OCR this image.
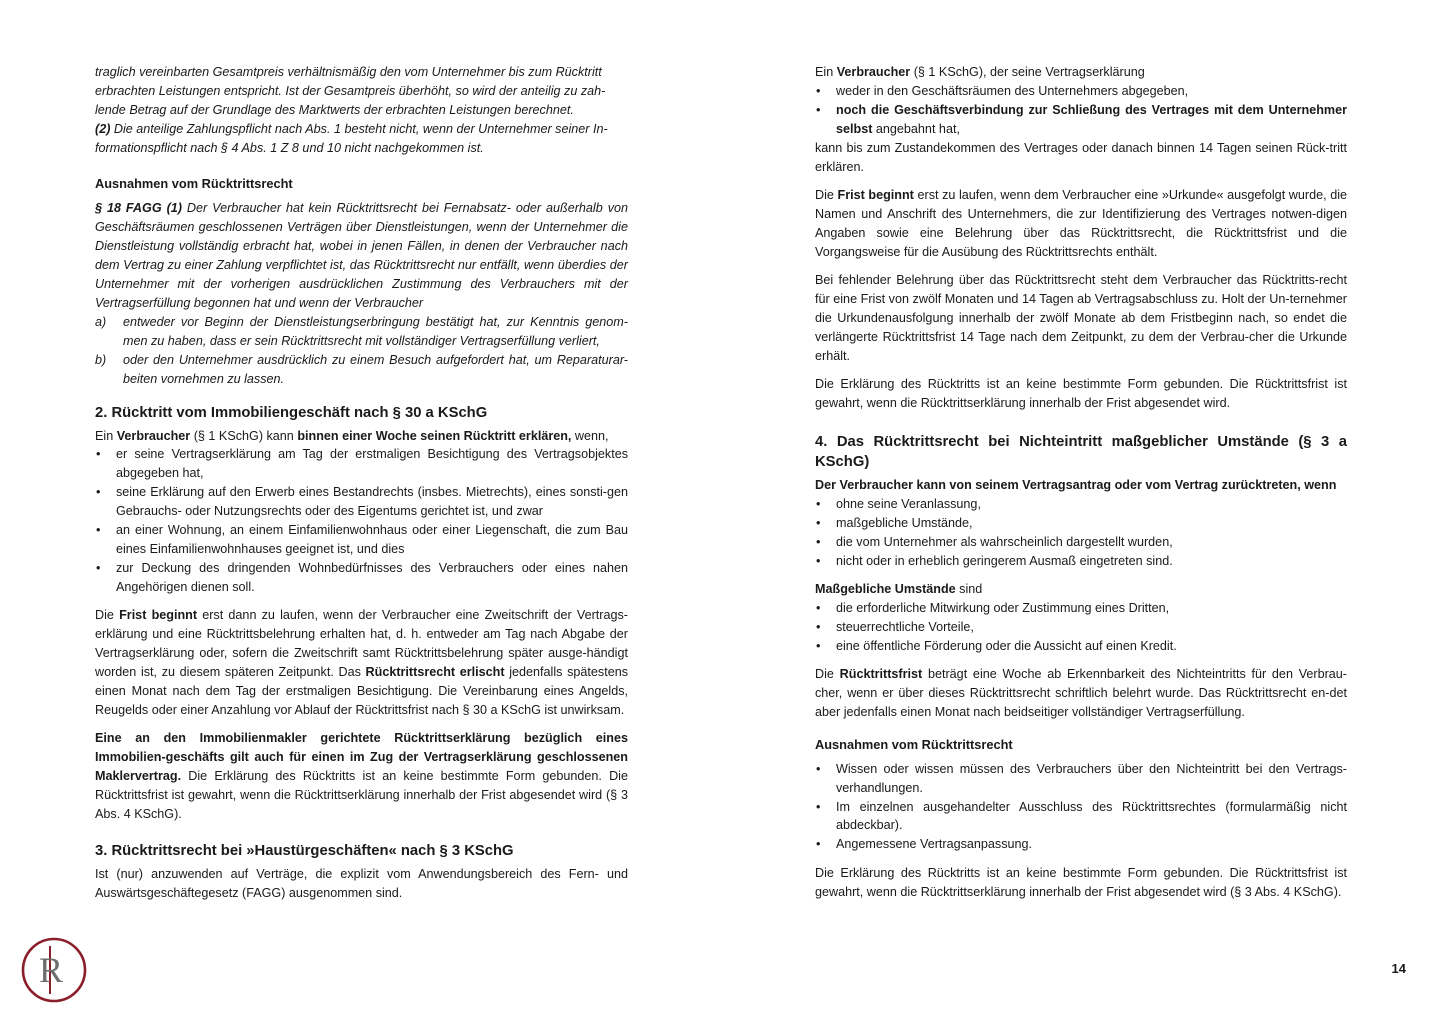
traglich vereinbarten Gesamtpreis verhältnismäßig den vom Unternehmer bis zum Rücktritt
erbrachten Leistungen entspricht. Ist der Gesamtpreis überhöht, so wird der anteilig zu zah-
lende Betrag auf der Grundlage des Marktwerts der erbrachten Leistungen berechnet.
(2) Die anteilige Zahlungspflicht nach Abs. 1 besteht nicht, wenn der Unternehmer seiner In-
formationspflicht nach § 4 Abs. 1 Z 8 und 10 nicht nachgekommen ist.

Ausnahmen vom Rücktrittsrecht

§ 18 FAGG (1) Der Verbraucher hat kein Rücktrittsrecht bei Fernabsatz- oder außerhalb von Geschäftsräumen geschlossenen Verträgen über Dienstleistungen, wenn der Unternehmer die Dienstleistung vollständig erbracht hat, wobei in jenen Fällen, in denen der Verbraucher nach dem Vertrag zu einer Zahlung verpflichtet ist, das Rücktrittsrecht nur entfällt, wenn überdies der Unternehmer mit der vorherigen ausdrücklichen Zustimmung des Verbrauchers mit der Vertragserfüllung begonnen hat und wenn der Verbraucher

a) entweder vor Beginn der Dienstleistungserbringung bestätigt hat, zur Kenntnis genom-men zu haben, dass er sein Rücktrittsrecht mit vollständiger Vertragserfüllung verliert,
b) oder den Unternehmer ausdrücklich zu einem Besuch aufgefordert hat, um Reparaturar-beiten vornehmen zu lassen.

2. Rücktritt vom Immobiliengeschäft nach § 30 a KSchG

Ein Verbraucher (§ 1 KSchG) kann binnen einer Woche seinen Rücktritt erklären, wenn,

• er seine Vertragserklärung am Tag der erstmaligen Besichtigung des Vertragsobjektes abgegeben hat,
• seine Erklärung auf den Erwerb eines Bestandrechts (insbes. Mietrechts), eines sonsti-gen Gebrauchs- oder Nutzungsrechts oder des Eigentums gerichtet ist, und zwar
• an einer Wohnung, an einem Einfamilienwohnhaus oder einer Liegenschaft, die zum Bau eines Einfamilienwohnhauses geeignet ist, und dies
• zur Deckung des dringenden Wohnbedürfnisses des Verbrauchers oder eines nahen Angehörigen dienen soll.

Die Frist beginnt erst dann zu laufen, wenn der Verbraucher eine Zweitschrift der Vertrags-erklärung und eine Rücktrittsbelehrung erhalten hat, d. h. entweder am Tag nach Abgabe der Vertragserklärung oder, sofern die Zweitschrift samt Rücktrittsbelehrung später ausge-händigt worden ist, zu diesem späteren Zeitpunkt. Das Rücktrittsrecht erlischt jedenfalls spätestens einen Monat nach dem Tag der erstmaligen Besichtigung. Die Vereinbarung eines Angelds, Reugelds oder einer Anzahlung vor Ablauf der Rücktrittsfrist nach § 30 a KSchG ist unwirksam.

Eine an den Immobilienmakler gerichtete Rücktrittserklärung bezüglich eines Immobilien-geschäfts gilt auch für einen im Zug der Vertragserklärung geschlossenen Maklervertrag. Die Erklärung des Rücktritts ist an keine bestimmte Form gebunden. Die Rücktrittsfrist ist gewahrt, wenn die Rücktrittserklärung innerhalb der Frist abgesendet wird (§ 3 Abs. 4 KSchG).

3. Rücktrittsrecht bei »Haustürgeschäften« nach § 3 KSchG

Ist (nur) anzuwenden auf Verträge, die explizit vom Anwendungsbereich des Fern- und Auswärtsgeschäftegesetz (FAGG) ausgenommen sind.

Ein Verbraucher (§ 1 KSchG), der seine Vertragserklärung

• weder in den Geschäftsräumen des Unternehmers abgegeben,
• noch die Geschäftsverbindung zur Schließung des Vertrages mit dem Unternehmer selbst angebahnt hat,

kann bis zum Zustandekommen des Vertrages oder danach binnen 14 Tagen seinen Rück-tritt erklären.

Die Frist beginnt erst zu laufen, wenn dem Verbraucher eine »Urkunde« ausgefolgt wurde, die Namen und Anschrift des Unternehmers, die zur Identifizierung des Vertrages notwen-digen Angaben sowie eine Belehrung über das Rücktrittsrecht, die Rücktrittsfrist und die Vorgangsweise für die Ausübung des Rücktrittsrechts enthält.

Bei fehlender Belehrung über das Rücktrittsrecht steht dem Verbraucher das Rücktritts-recht für eine Frist von zwölf Monaten und 14 Tagen ab Vertragsabschluss zu. Holt der Un-ternehmer die Urkundenausfolgung innerhalb der zwölf Monate ab dem Fristbeginn nach, so endet die verlängerte Rücktrittsfrist 14 Tage nach dem Zeitpunkt, zu dem der Verbrau-cher die Urkunde erhält.

Die Erklärung des Rücktritts ist an keine bestimmte Form gebunden. Die Rücktrittsfrist ist gewahrt, wenn die Rücktrittserklärung innerhalb der Frist abgesendet wird.

4. Das Rücktrittsrecht bei Nichteintritt maßgeblicher Umstände (§ 3 a KSchG)

Der Verbraucher kann von seinem Vertragsantrag oder vom Vertrag zurücktreten, wenn

• ohne seine Veranlassung,
• maßgebliche Umstände,
• die vom Unternehmer als wahrscheinlich dargestellt wurden,
• nicht oder in erheblich geringerem Ausmaß eingetreten sind.

Maßgebliche Umstände sind

• die erforderliche Mitwirkung oder Zustimmung eines Dritten,
• steuerrechtliche Vorteile,
• eine öffentliche Förderung oder die Aussicht auf einen Kredit.

Die Rücktrittsfrist beträgt eine Woche ab Erkennbarkeit des Nichteintritts für den Verbrau-cher, wenn er über dieses Rücktrittsrecht schriftlich belehrt wurde. Das Rücktrittsrecht en-det aber jedenfalls einen Monat nach beidseitiger vollständiger Vertragserfüllung.

Ausnahmen vom Rücktrittsrecht

• Wissen oder wissen müssen des Verbrauchers über den Nichteintritt bei den Vertrags-verhandlungen.
• Im einzelnen ausgehandelter Ausschluss des Rücktrittsrechtes (formularmäßig nicht abdeckbar).
• Angemessene Vertragsanpassung.

Die Erklärung des Rücktritts ist an keine bestimmte Form gebunden. Die Rücktrittsfrist ist gewahrt, wenn die Rücktrittserklärung innerhalb der Frist abgesendet wird (§ 3 Abs. 4 KSchG).

14
R
